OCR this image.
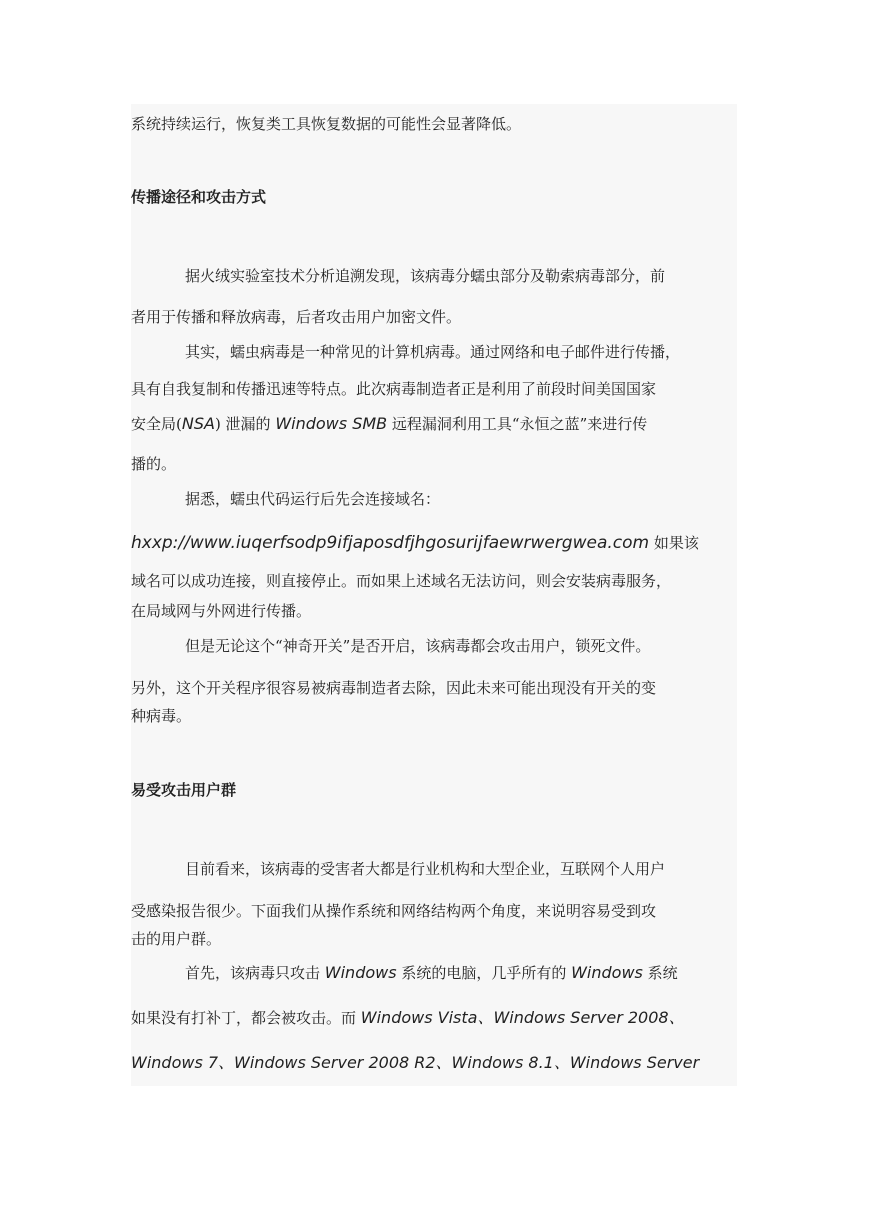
系统持续运行，恢复类工具恢复数据的可能性会显著降低。
传播途径和攻击方式
据火绒实验室技术分析追溯发现，该病毒分蠕虫部分及勒索病毒部分，前
者用于传播和释放病毒，后者攻击用户加密文件。
其实，蠕虫病毒是一种常见的计算机病毒。通过网络和电子邮件进行传播，
具有自我复制和传播迅速等特点。此次病毒制造者正是利用了前段时间美国国家
安全局(NSA) 泄漏的 Windows SMB 远程漏洞利用工具“永恒之蓝”来进行传
播的。
据悉，蠕虫代码运行后先会连接域名：
hxxp://www.iuqerfsodp9ifjaposdfjhgosurijfaewrwergwea.com 如果该
域名可以成功连接，则直接停止。而如果上述域名无法访问，则会安装病毒服务，
在局域网与外网进行传播。
但是无论这个“神奇开关”是否开启，该病毒都会攻击用户，锁死文件。
另外，这个开关程序很容易被病毒制造者去除，因此未来可能出现没有开关的变
种病毒。
易受攻击用户群
目前看来，该病毒的受害者大都是行业机构和大型企业，互联网个人用户
受感染报告很少。下面我们从操作系统和网络结构两个角度，来说明容易受到攻
击的用户群。
首先，该病毒只攻击 Windows 系统的电脑，几乎所有的 Windows 系统
如果没有打补丁，都会被攻击。而 Windows Vista、Windows Server 2008、
Windows 7、Windows Server 2008 R2、Windows 8.1、Windows Server
